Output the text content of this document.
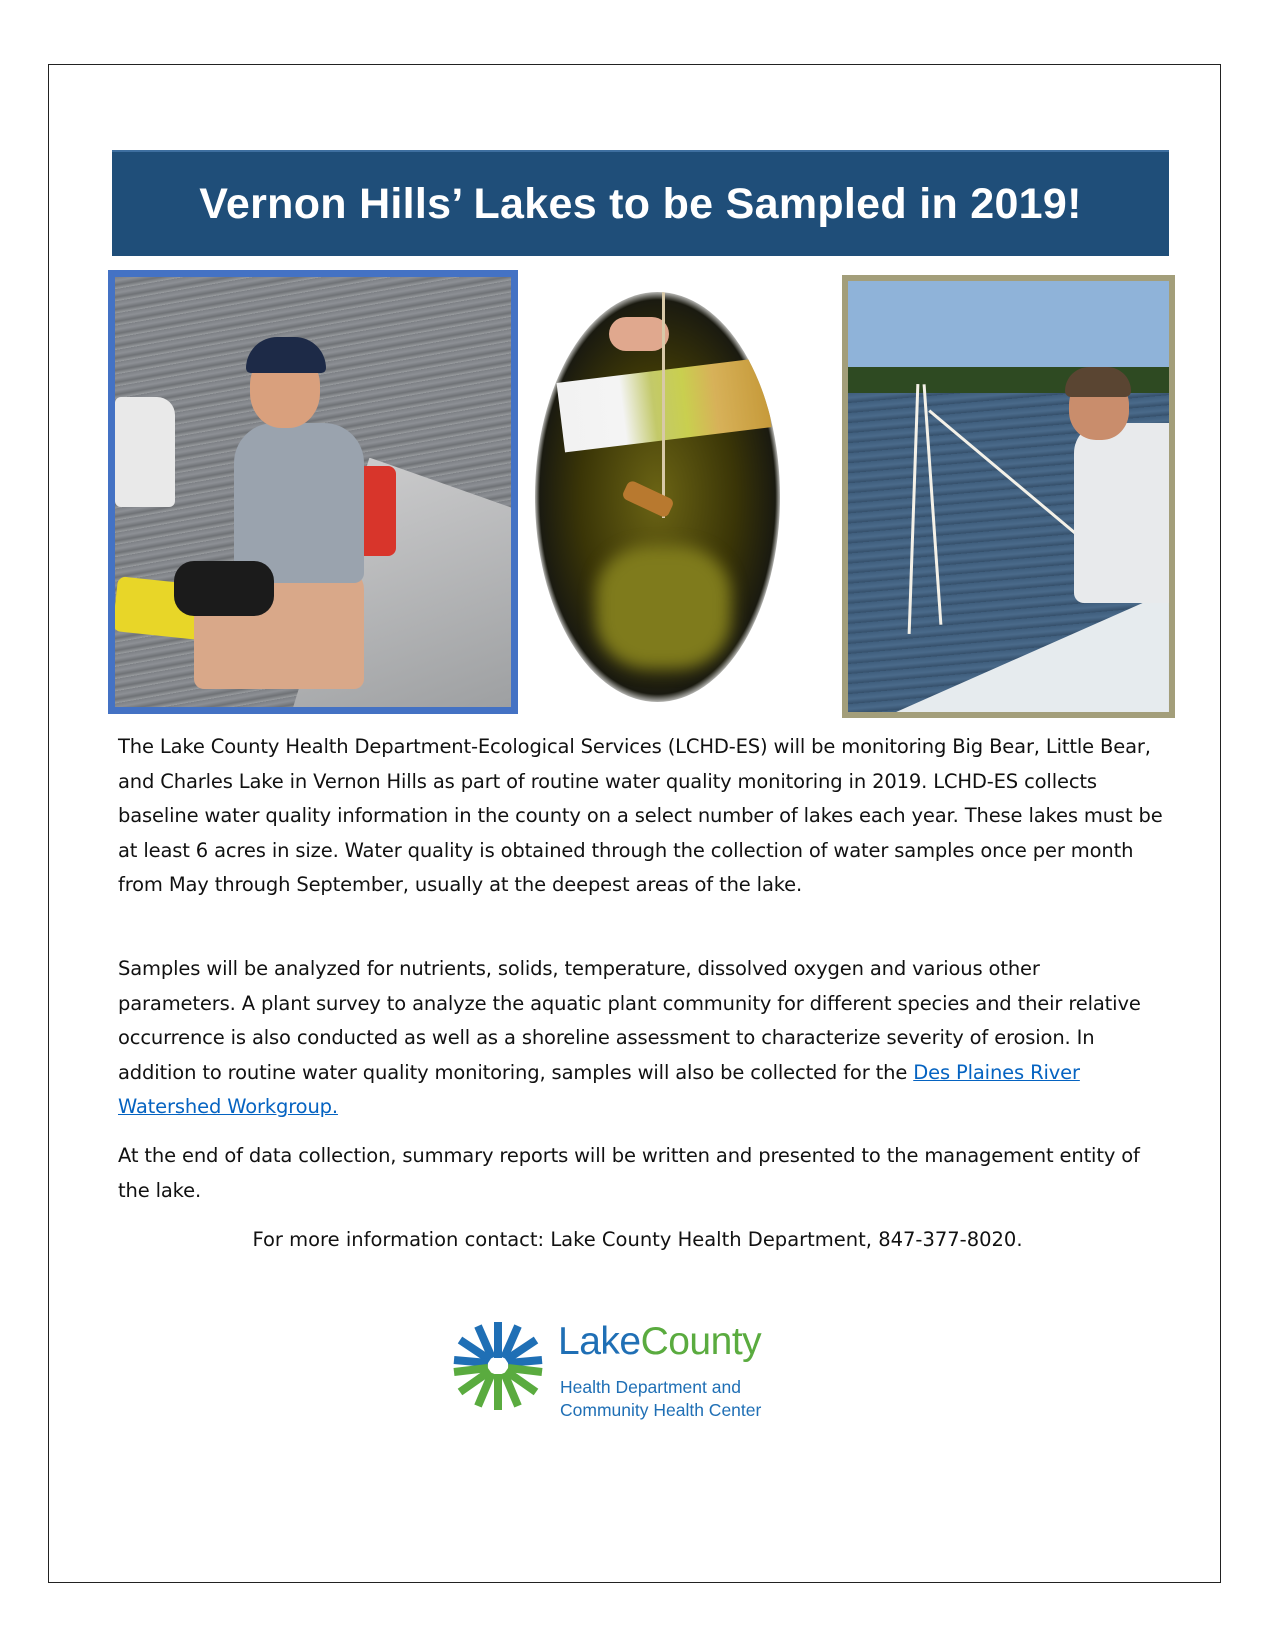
Vernon Hills’ Lakes to be Sampled in 2019!

The Lake County Health Department-Ecological Services (LCHD-ES) will be monitoring Big Bear, Little Bear, and Charles Lake in Vernon Hills as part of routine water quality monitoring in 2019. LCHD-ES collects baseline water quality information in the county on a select number of lakes each year. These lakes must be at least 6 acres in size. Water quality is obtained through the collection of water samples once per month from May through September, usually at the deepest areas of the lake.

Samples will be analyzed for nutrients, solids, temperature, dissolved oxygen and various other parameters. A plant survey to analyze the aquatic plant community for different species and their relative occurrence is also conducted as well as a shoreline assessment to characterize severity of erosion. In addition to routine water quality monitoring, samples will also be collected for the Des Plaines River Watershed Workgroup.

At the end of data collection, summary reports will be written and presented to the management entity of the lake.

For more information contact: Lake County Health Department, 847-377-8020.

LakeCounty
Health Department and
Community Health Center
